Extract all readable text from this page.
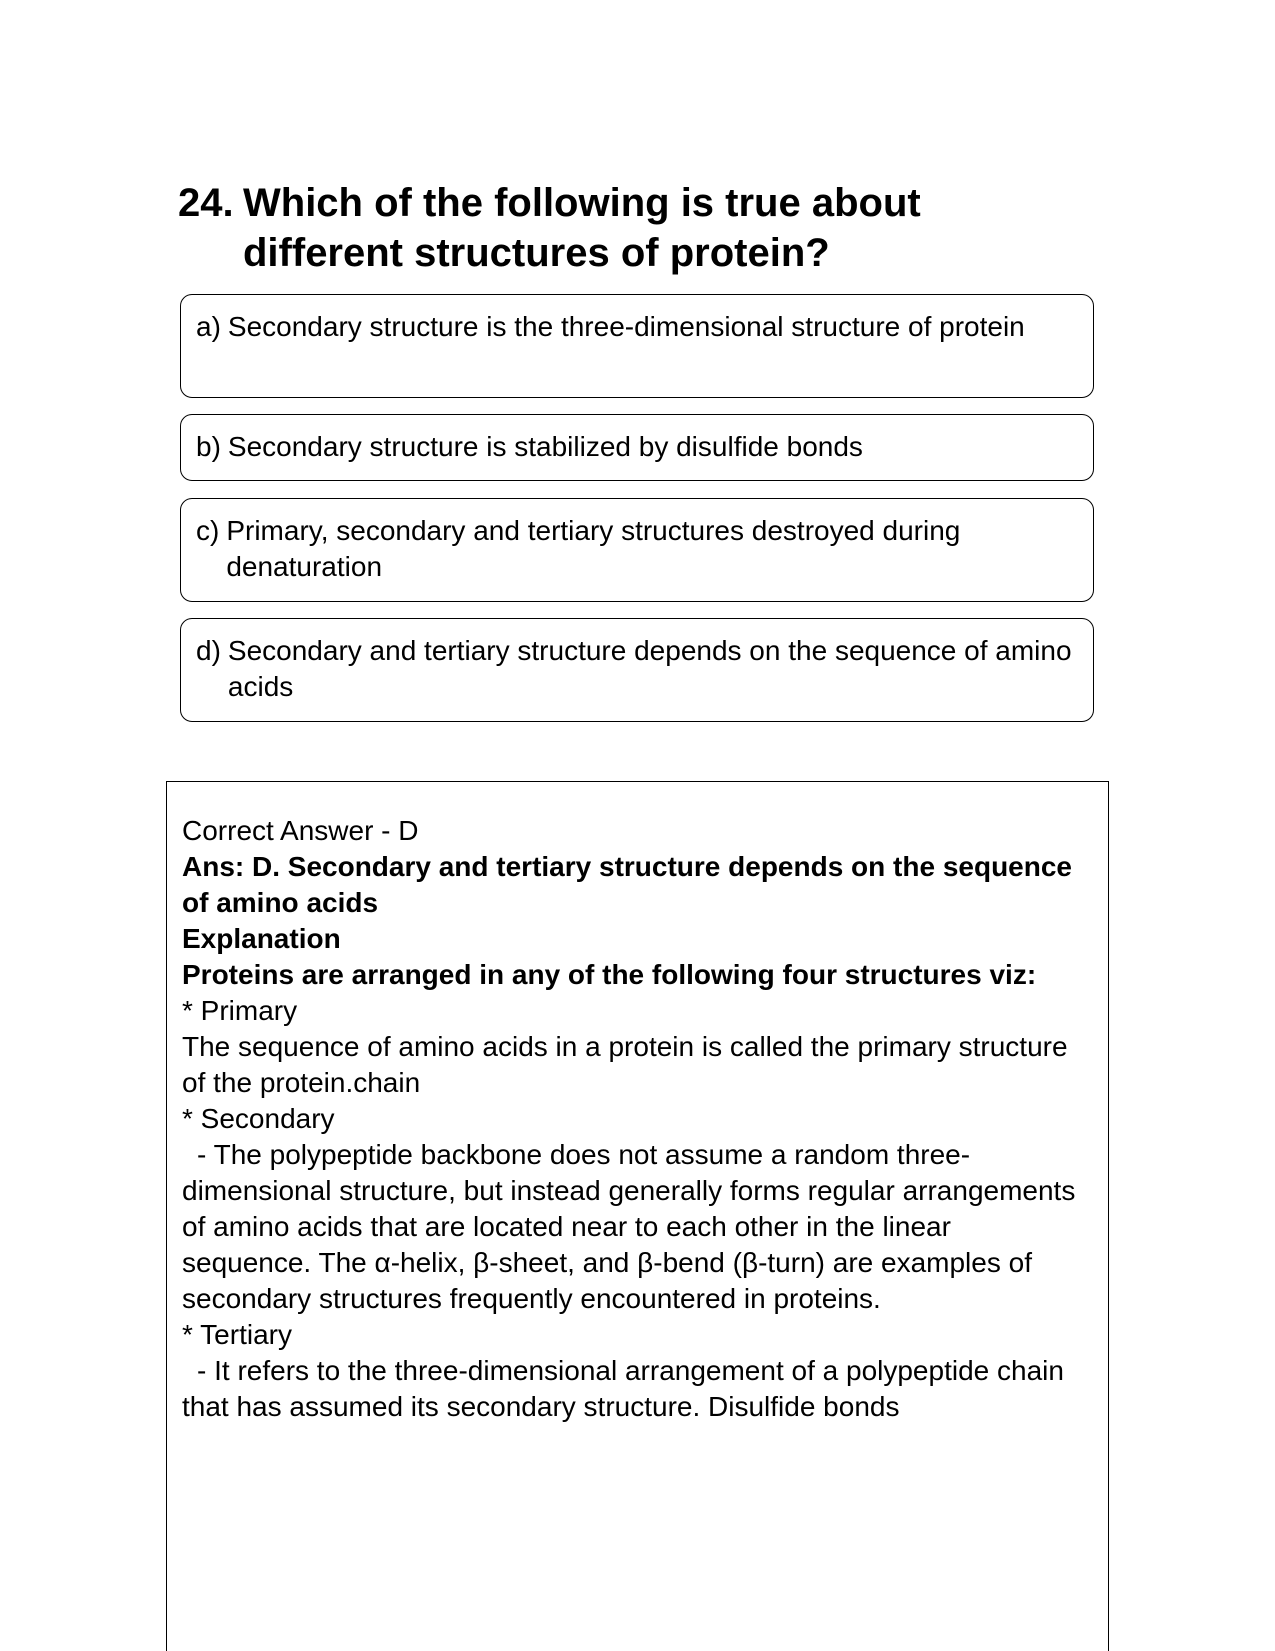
24. Which of the following is true about different structures of protein?
a) Secondary structure is the three-dimensional structure of protein
b) Secondary structure is stabilized by disulfide bonds
c) Primary, secondary and tertiary structures destroyed during denaturation
d) Secondary and tertiary structure depends on the sequence of amino acids

Correct Answer - D

Ans: D. Secondary and tertiary structure depends on the sequence of amino acids

Explanation

Proteins are arranged in any of the following four structures viz:

* Primary

The sequence of amino acids in a protein is called the primary structure of the protein.chain

* Secondary

- The polypeptide backbone does not assume a random three-dimensional structure, but instead generally forms regular arrangements of amino acids that are located near to each other in the linear sequence. The α-helix, β-sheet, and β-bend (β-turn) are examples of secondary structures frequently encountered in proteins.

* Tertiary

- It refers to the three-dimensional arrangement of a polypeptide chain that has assumed its secondary structure. Disulfide bonds
